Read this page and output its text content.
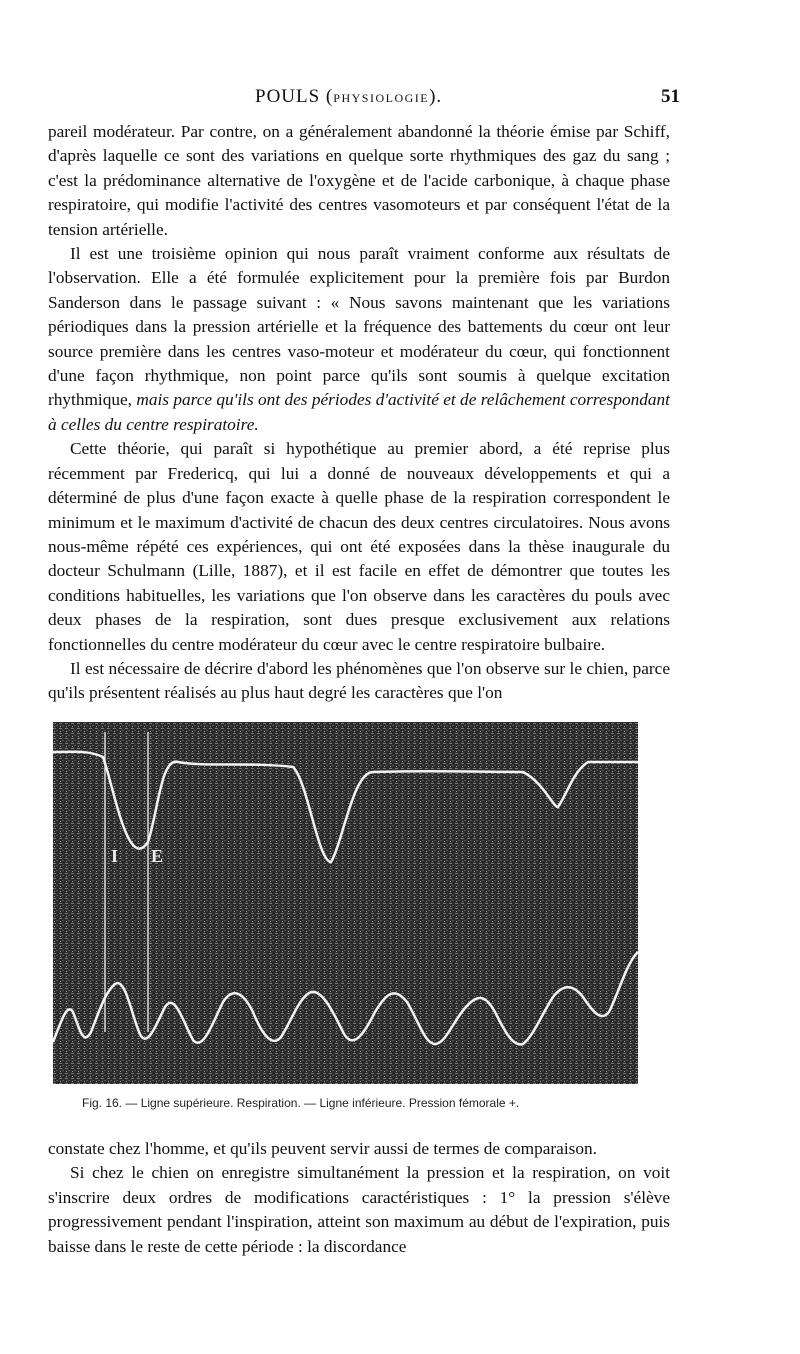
POULS (PHYSIOLOGIE).	51

pareil modérateur. Par contre, on a généralement abandonné la théorie émise par Schiff, d'après laquelle ce sont des variations en quelque sorte rhythmiques des gaz du sang ; c'est la prédominance alternative de l'oxygène et de l'acide carbonique, à chaque phase respiratoire, qui modifie l'activité des centres vasomoteurs et par conséquent l'état de la tension artérielle.

Il est une troisième opinion qui nous paraît vraiment conforme aux résultats de l'observation. Elle a été formulée explicitement pour la première fois par Burdon Sanderson dans le passage suivant : « Nous savons maintenant que les variations périodiques dans la pression artérielle et la fréquence des battements du cœur ont leur source première dans les centres vaso-moteur et modérateur du cœur, qui fonctionnent d'une façon rhythmique, non point parce qu'ils sont soumis à quelque excitation rhythmique, mais parce qu'ils ont des périodes d'activité et de relâchement correspondant à celles du centre respiratoire.

Cette théorie, qui paraît si hypothétique au premier abord, a été reprise plus récemment par Fredericq, qui lui a donné de nouveaux développements et qui a déterminé de plus d'une façon exacte à quelle phase de la respiration correspondent le minimum et le maximum d'activité de chacun des deux centres circulatoires. Nous avons nous-même répété ces expériences, qui ont été exposées dans la thèse inaugurale du docteur Schulmann (Lille, 1887), et il est facile en effet de démontrer que toutes les conditions habituelles, les variations que l'on observe dans les caractères du pouls avec deux phases de la respiration, sont dues presque exclusivement aux relations fonctionnelles du centre modérateur du cœur avec le centre respiratoire bulbaire.

Il est nécessaire de décrire d'abord les phénomènes que l'on observe sur le chien, parce qu'ils présentent réalisés au plus haut degré les caractères que l'on

I E
Fig. 16. — Ligne supérieure. Respiration. — Ligne inférieure. Pression fémorale +.

constate chez l'homme, et qu'ils peuvent servir aussi de termes de comparaison.

Si chez le chien on enregistre simultanément la pression et la respiration, on voit s'inscrire deux ordres de modifications caractéristiques : 1° la pression s'élève progressivement pendant l'inspiration, atteint son maximum au début de l'expiration, puis baisse dans le reste de cette période : la discordance
